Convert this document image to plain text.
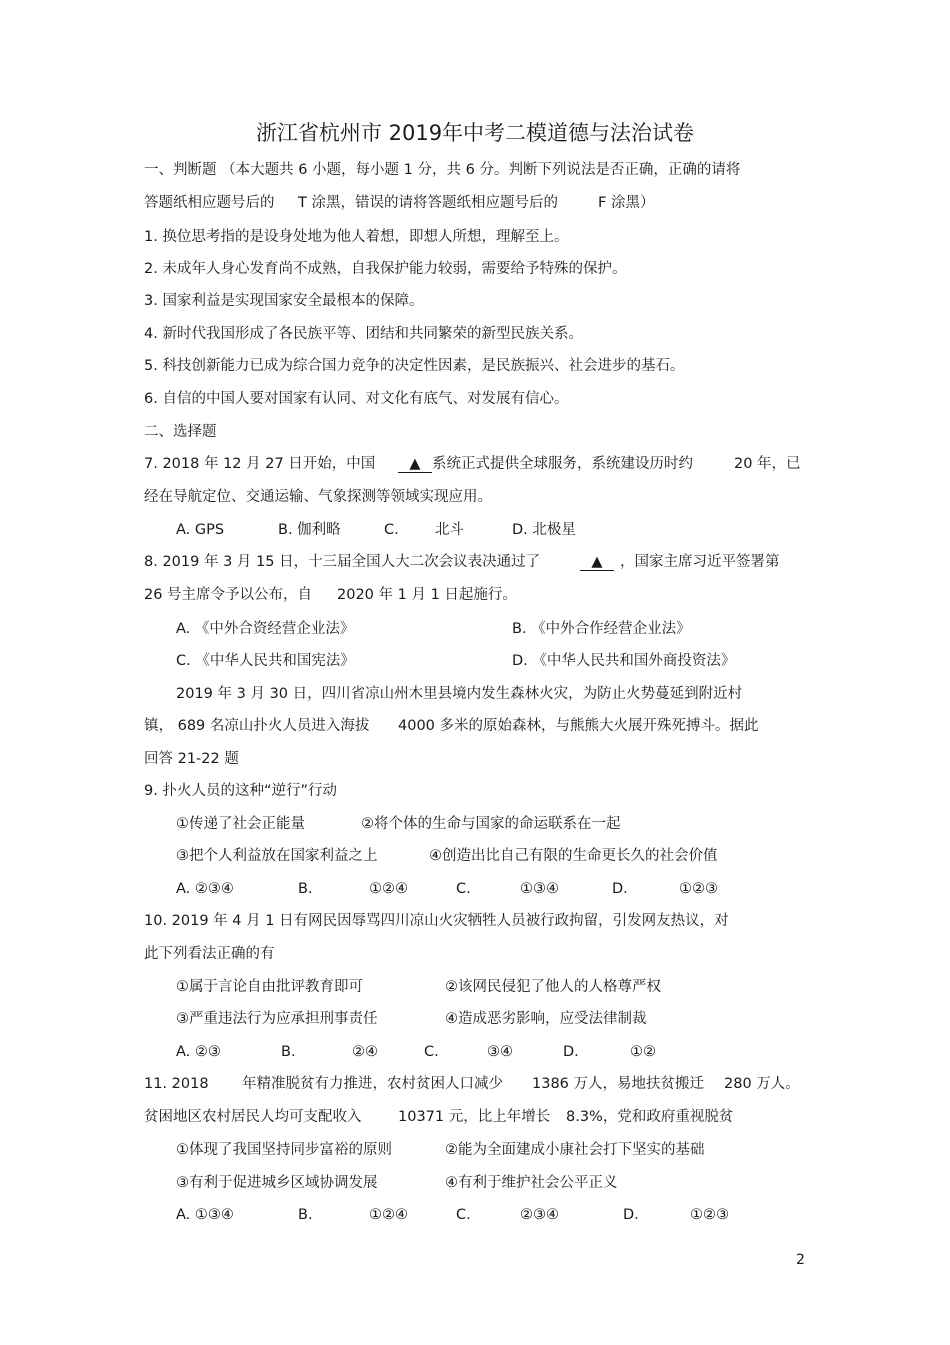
浙江省杭州市 2019年中考二模道德与法治试卷
一、判断题 （本大题共 6 小题，每小题 1 分，共 6 分。判断下列说法是否正确，正确的请将
答题纸相应题号后的 T 涂黑，错误的请将答题纸相应题号后的	F 涂黑）
1. 换位思考指的是设身处地为他人着想，即想人所想，理解至上。
2. 未成年人身心发育尚不成熟，自我保护能力较弱，需要给予特殊的保护。
3. 国家利益是实现国家安全最根本的保障。
4. 新时代我国形成了各民族平等、团结和共同繁荣的新型民族关系。
5. 科技创新能力已成为综合国力竞争的决定性因素，是民族振兴、社会进步的基石。
6. 自信的中国人要对国家有认同、对文化有底气、对发展有信心。
二、选择题
7. 2018 年 12 月 27 日开始，中国	▲ 系统正式提供全球服务，系统建设历时约	20 年，已
经在导航定位、交通运输、气象探测等领域实现应用。
A. GPS	B. 伽利略	C.	北斗	D. 北极星
8. 2019 年 3 月 15 日，十三届全国人大二次会议表决通过了	▲	，国家主席习近平签署第
26 号主席令予以公布，自 2020 年 1 月 1 日起施行。
A. 《中外合资经营企业法》	B. 《中外合作经营企业法》
C. 《中华人民共和国宪法》	D. 《中华人民共和国外商投资法》
2019 年 3 月 30 日，四川省凉山州木里县境内发生森林火灾，为防止火势蔓延到附近村
镇， 689 名凉山扑火人员进入海拔 4000 多米的原始森林，与熊熊大火展开殊死搏斗。据此
回答 21-22 题
9. 扑火人员的这种“逆行”行动
①传递了社会正能量	②将个体的生命与国家的命运联系在一起
③把个人利益放在国家利益之上	④创造出比自己有限的生命更长久的社会价值
A. ②③④	B.	①②④	C.	①③④	D.	①②③
10. 2019 年 4 月 1 日有网民因辱骂四川凉山火灾牺牲人员被行政拘留，引发网友热议，对
此下列看法正确的有
①属于言论自由批评教育即可	②该网民侵犯了他人的人格尊严权
③严重违法行为应承担刑事责任	④造成恶劣影响，应受法律制裁
A. ②③	B.	②④	C.	③④	D.	①②
11. 2018 年精准脱贫有力推进，农村贫困人口减少 1386 万人，易地扶贫搬迁 280 万人。
贫困地区农村居民人均可支配收入	10371 元，比上年增长 8.3%，党和政府重视脱贫
①体现了我国坚持同步富裕的原则	②能为全面建成小康社会打下坚实的基础
③有利于促进城乡区域协调发展	④有利于维护社会公平正义
A. ①③④	B.	①②④	C.	②③④	D.	①②③
2
